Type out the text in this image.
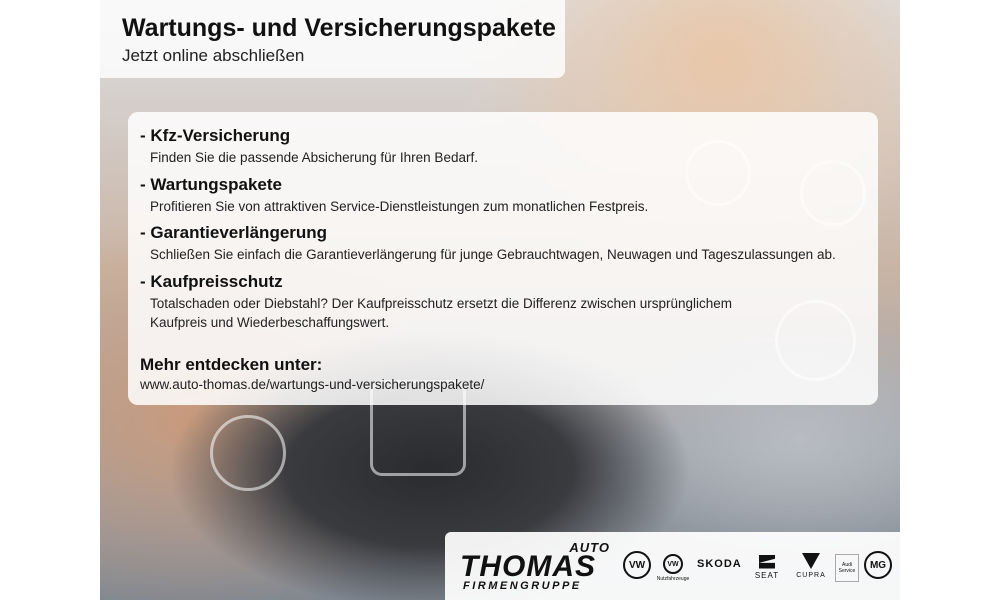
Wartungs- und Versicherungspakete
Jetzt online abschließen
- Kfz-Versicherung

Finden Sie die passende Absicherung für Ihren Bedarf.

- Wartungspakete

Profitieren Sie von attraktiven Service-Dienstleistungen zum monatlichen Festpreis.

- Garantieverlängerung

Schließen Sie einfach die Garantieverlängerung für junge Gebrauchtwagen, Neuwagen und Tageszulassungen ab.

- Kaufpreisschutz

Totalschaden oder Diebstahl? Der Kaufpreisschutz ersetzt die Differenz zwischen ursprünglichem Kaufpreis und Wiederbeschaffungswert.

Mehr entdecken unter:
www.auto-thomas.de/wartungs-und-versicherungspakete/
AUTO
THOMAS
FIRMENGRUPPE
VW	VW
Nutzfahrzeuge
SKODA
SEAT CUPRA
Audi Service
MG
